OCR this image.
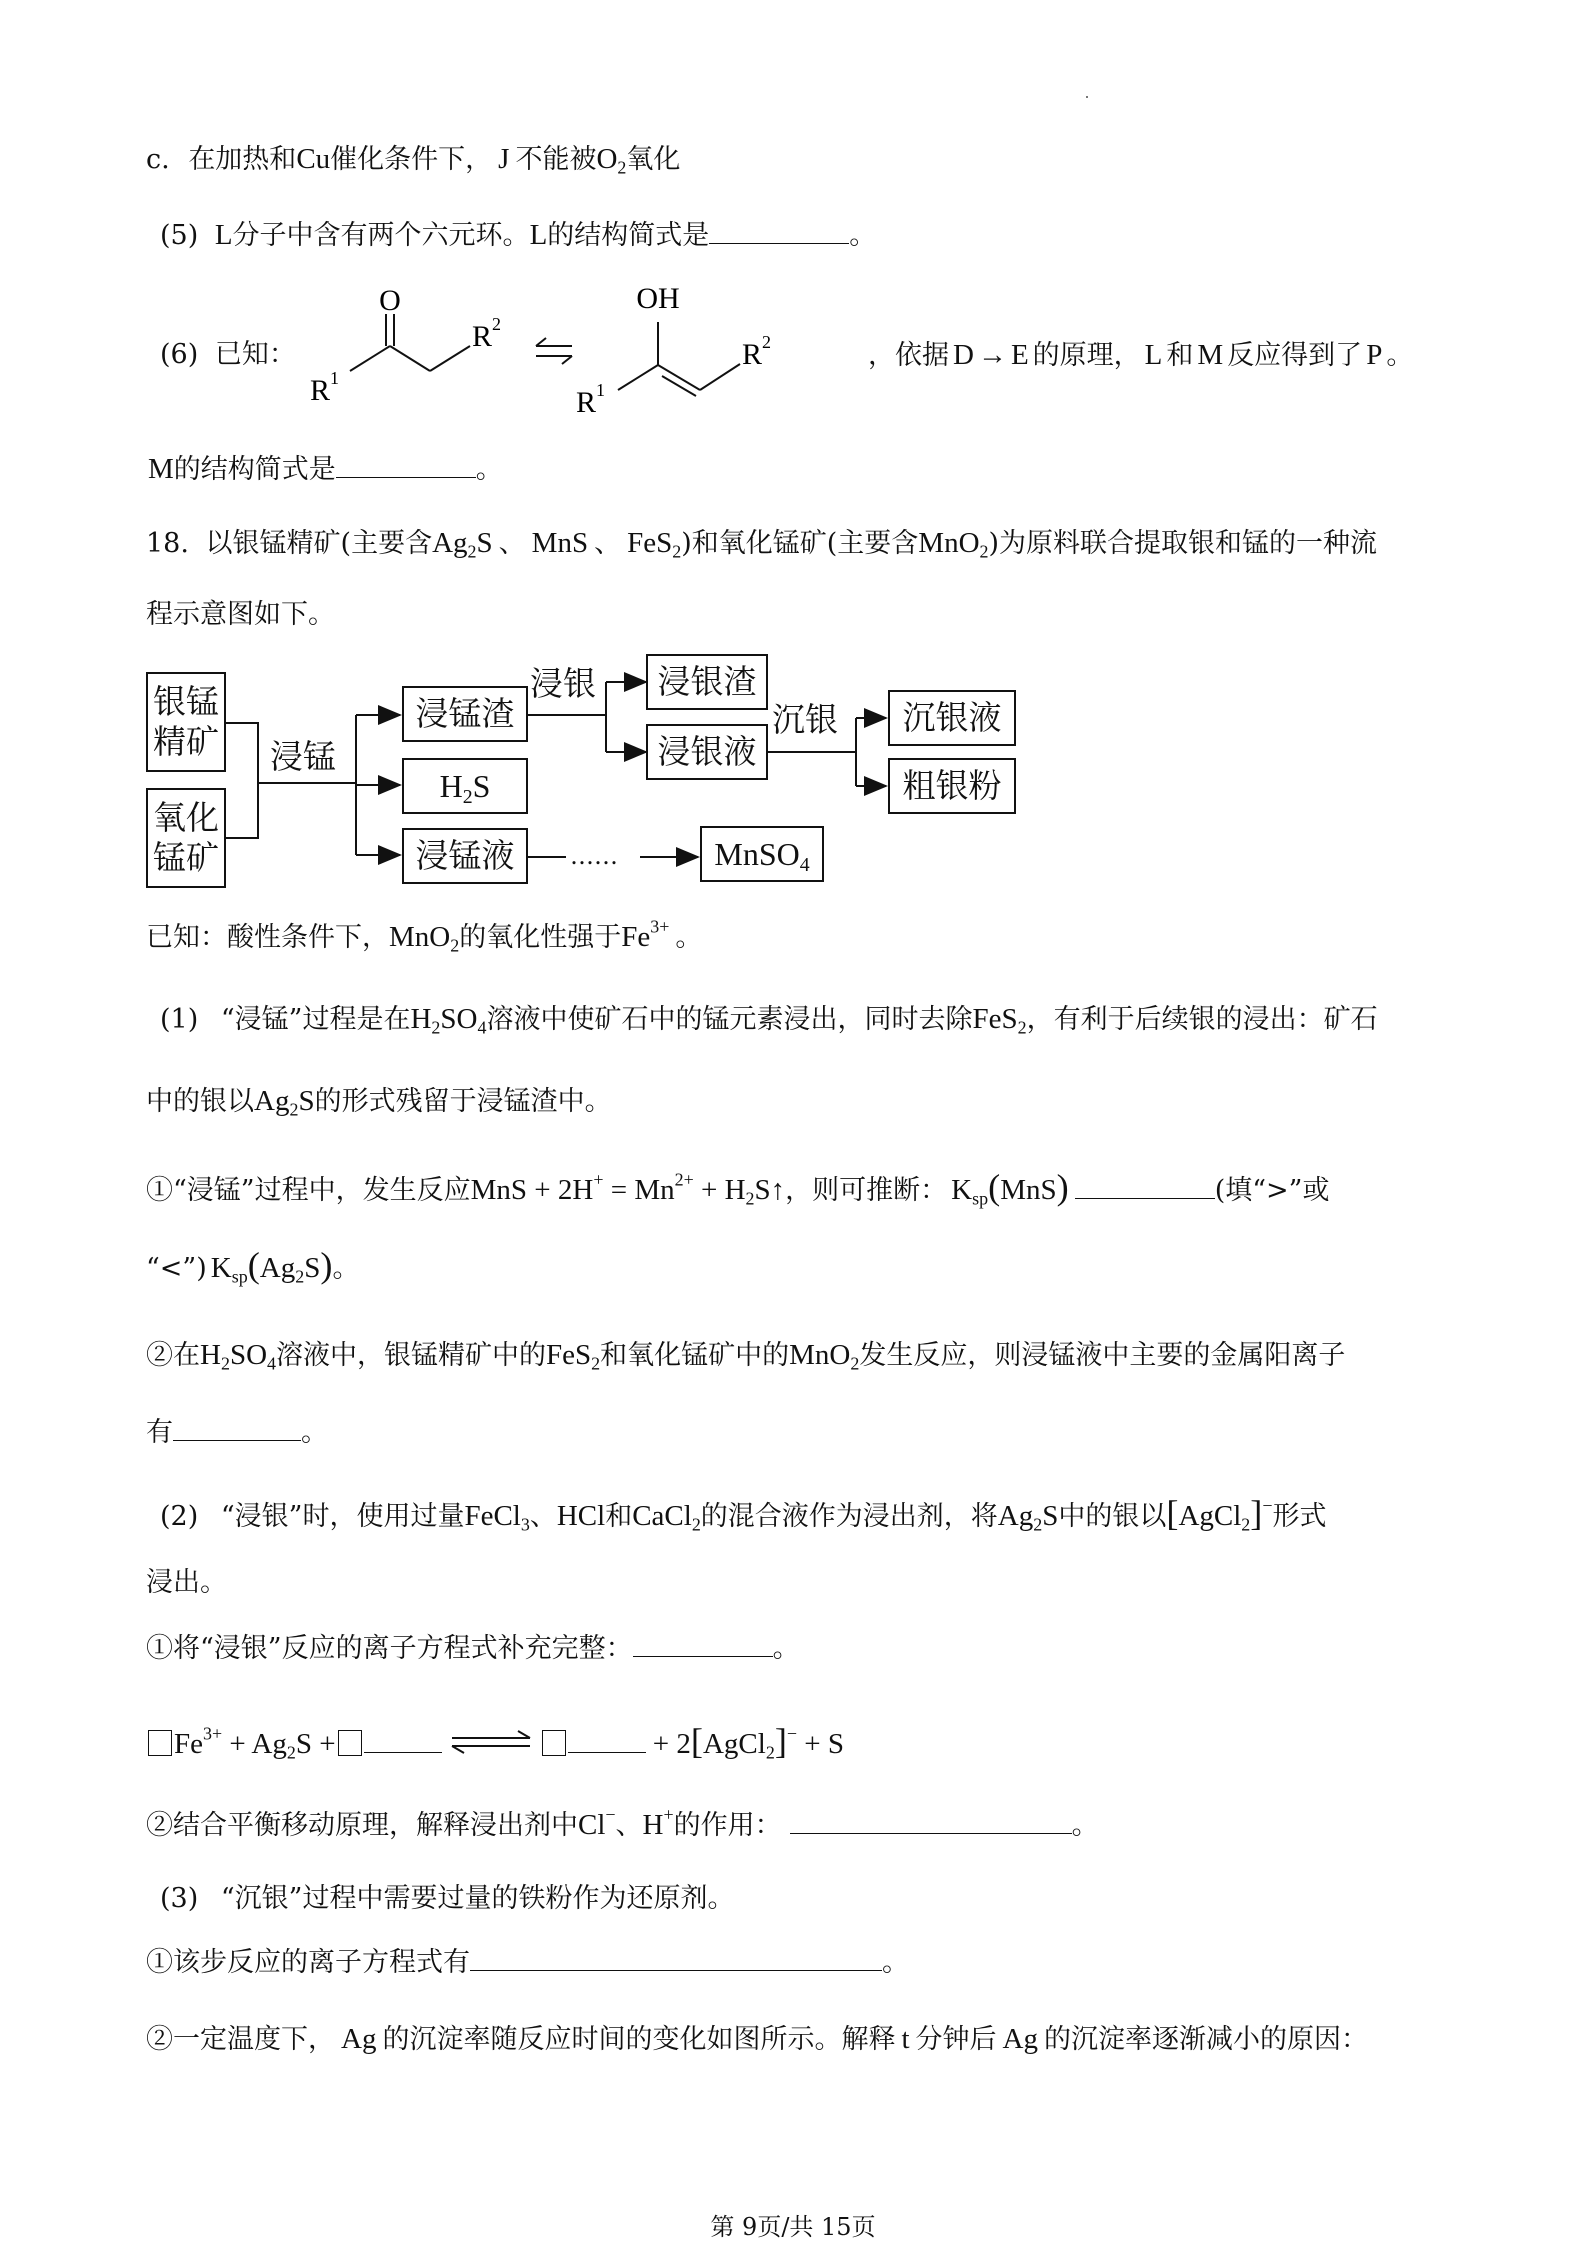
c. 在加热和Cu催化条件下， J 不能被$O_2$氧化
(5) L分子中含有两个六元环。L的结构简式是	。
(6) 已知：
O
R 1
R 2
OH
R 1
R 2	，依据 D → E 的原理， L 和 M 反应得到了 P 。
M的结构简式是	。
18. 以银锰精矿(主要含$Ag_2S$ 、 MnS 、 FeS$_2$)和氧化锰矿(主要含MnO$_2$)为原料联合提取银和锰的一种流
程示意图如下。
银锰
精矿
氧化
锰矿
浸锰
浸锰渣
$H_2S$
浸锰液
浸银	浸银渣
浸银液
沉银	沉银液
粗银粉
……	MnSO$_4$
已知：酸性条件下，MnO$_2$的氧化性强于$Fe^{3+}$ 。
(1) “浸锰”过程是在$H_2SO_4$溶液中使矿石中的锰元素浸出，同时去除FeS$_2$，有利于后续银的浸出：矿石
中的银以$Ag_2S$的形式残留于浸锰渣中。
①“浸锰”过程中，发生反应MnS + $2H^+ = Mn^{2+}$ + $H_2S↑$，则可推断： $K_{sp}(MnS)$	(填“>”或
“<”) $K_{sp}(Ag_2S)$。
②在$H_2SO_4$溶液中，银锰精矿中的FeS$_2$和氧化锰矿中的MnO$_2$发生反应，则浸锰液中主要的金属阳离子
有	。
(2) “浸银”时，使用过量FeCl$_3$、HCl和CaCl$_2$的混合液作为浸出剂，将$Ag_2S$中的银以[AgCl$_2$]−形式
浸出。
①将“浸银”反应的离子方程式补充完整：	。
$Fe^{3+} + Ag_2S$ +	+ 2[AgCl$_2$]− + S
②结合平衡移动原理，解释浸出剂中Cl−、H+的作用：	。
(3) “沉银”过程中需要过量的铁粉作为还原剂。
①该步反应的离子方程式有	。
②一定温度下， Ag 的沉淀率随反应时间的变化如图所示。解释 t 分钟后 Ag 的沉淀率逐渐减小的原因：
第 9页/共 15页
